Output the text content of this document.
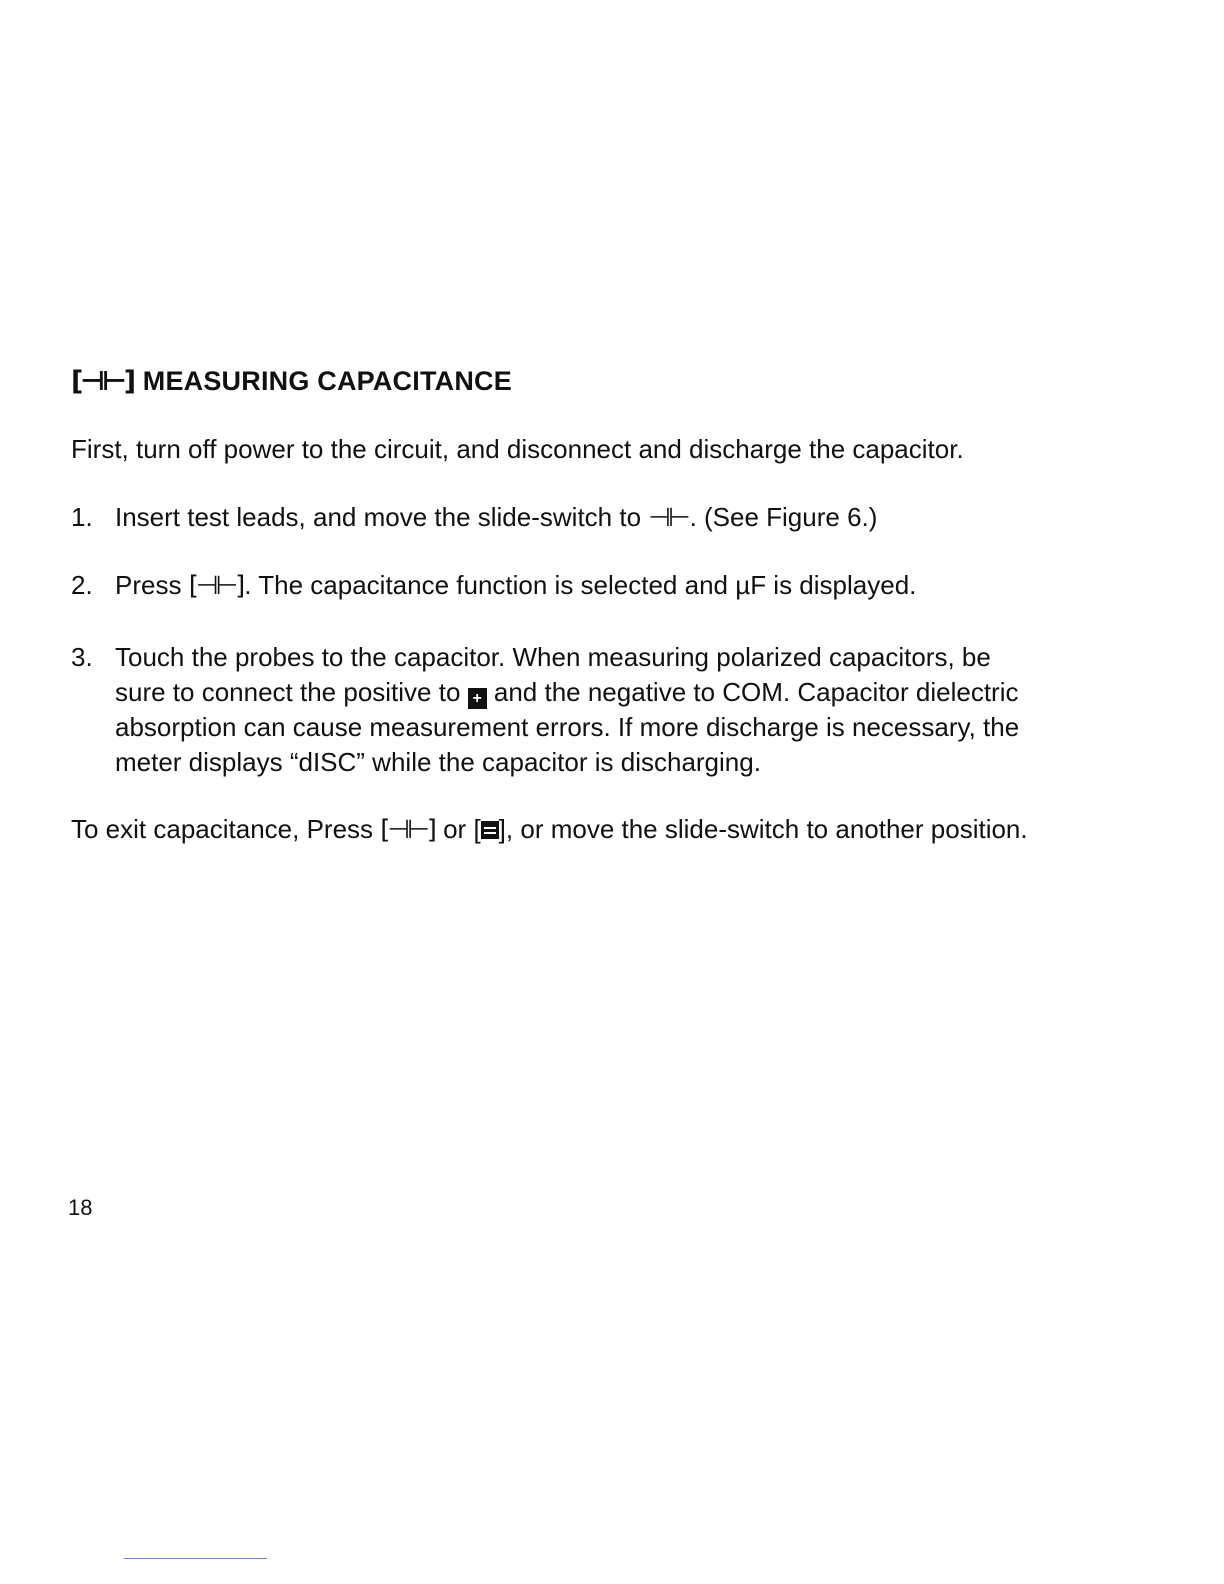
[⊣⊢] MEASURING CAPACITANCE
First, turn off power to the circuit, and disconnect and discharge the capacitor.
1. Insert test leads, and move the slide-switch to ⊣⊢. (See Figure 6.)
2. Press [⊣⊢]. The capacitance function is selected and µF is displayed.
3. Touch the probes to the capacitor. When measuring polarized capacitors, be
sure to connect the positive to + and the negative to COM. Capacitor dielectric
absorption can cause measurement errors. If more discharge is necessary, the
meter displays “dISC” while the capacitor is discharging.
To exit capacitance, Press [⊣⊢] or [ ], or move the slide-switch to another position.
18
